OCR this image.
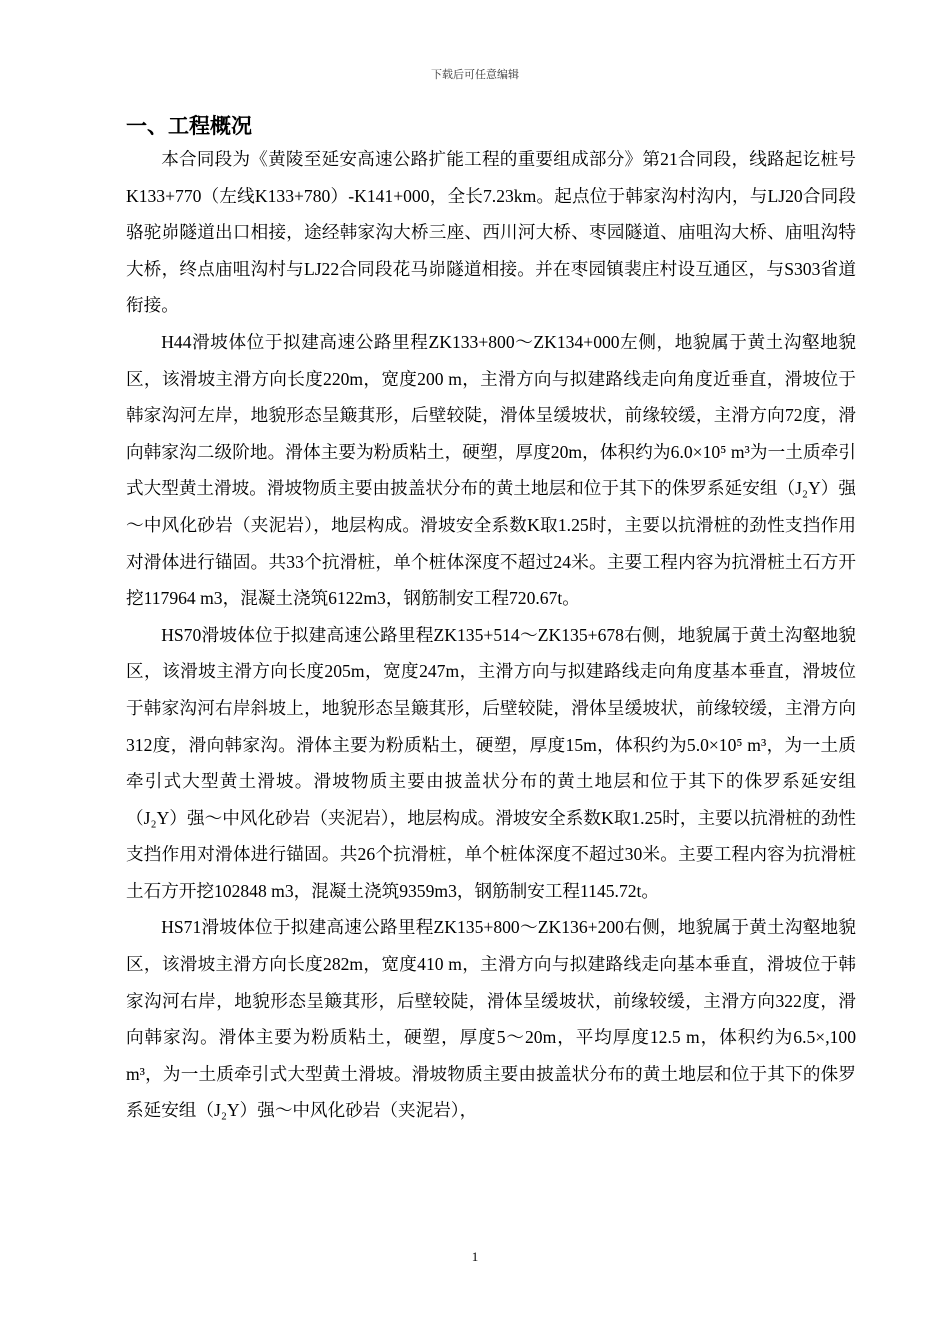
下载后可任意编辑
一、工程概况

本合同段为《黄陵至延安高速公路扩能工程的重要组成部分》第21合同段，线路起讫桩号K133+770（左线K133+780）-K141+000，全长7.23km。起点位于韩家沟村沟内，与LJ20合同段骆驼峁隧道出口相接，途经韩家沟大桥三座、西川河大桥、枣园隧道、庙咀沟大桥、庙咀沟特大桥，终点庙咀沟村与LJ22合同段花马峁隧道相接。并在枣园镇裴庄村设互通区，与S303省道衔接。

H44滑坡体位于拟建高速公路里程ZK133+800～ZK134+000左侧，地貌属于黄土沟壑地貌区，该滑坡主滑方向长度220m，宽度200 m，主滑方向与拟建路线走向角度近垂直，滑坡位于韩家沟河左岸，地貌形态呈簸萁形，后壁较陡，滑体呈缓坡状，前缘较缓，主滑方向72度，滑向韩家沟二级阶地。滑体主要为粉质粘土，硬塑，厚度20m，体积约为6.0×10⁵ m³为一土质牵引式大型黄土滑坡。滑坡物质主要由披盖状分布的黄土地层和位于其下的侏罗系延安组（J₂Y）强～中风化砂岩（夹泥岩），地层构成。滑坡安全系数K取1.25时，主要以抗滑桩的劲性支挡作用对滑体进行锚固。共33个抗滑桩，单个桩体深度不超过24米。主要工程内容为抗滑桩土石方开挖117964 m3，混凝土浇筑6122m3，钢筋制安工程720.67t。

HS70滑坡体位于拟建高速公路里程ZK135+514～ZK135+678右侧，地貌属于黄土沟壑地貌区，该滑坡主滑方向长度205m，宽度247m，主滑方向与拟建路线走向角度基本垂直，滑坡位于韩家沟河右岸斜坡上，地貌形态呈簸萁形，后壁较陡，滑体呈缓坡状，前缘较缓，主滑方向312度，滑向韩家沟。滑体主要为粉质粘土，硬塑，厚度15m，体积约为5.0×10⁵ m³，为一土质牵引式大型黄土滑坡。滑坡物质主要由披盖状分布的黄土地层和位于其下的侏罗系延安组（J₂Y）强～中风化砂岩（夹泥岩），地层构成。滑坡安全系数K取1.25时，主要以抗滑桩的劲性支挡作用对滑体进行锚固。共26个抗滑桩，单个桩体深度不超过30米。主要工程内容为抗滑桩土石方开挖102848 m3，混凝土浇筑9359m3，钢筋制安工程1145.72t。

HS71滑坡体位于拟建高速公路里程ZK135+800～ZK136+200右侧，地貌属于黄土沟壑地貌区，该滑坡主滑方向长度282m，宽度410 m，主滑方向与拟建路线走向基本垂直，滑坡位于韩家沟河右岸，地貌形态呈簸萁形，后壁较陡，滑体呈缓坡状，前缘较缓，主滑方向322度，滑向韩家沟。滑体主要为粉质粘土，硬塑，厚度5～20m，平均厚度12.5 m，体积约为6.5×,100 m³，为一土质牵引式大型黄土滑坡。滑坡物质主要由披盖状分布的黄土地层和位于其下的侏罗系延安组（J₂Y）强～中风化砂岩（夹泥岩），

1
